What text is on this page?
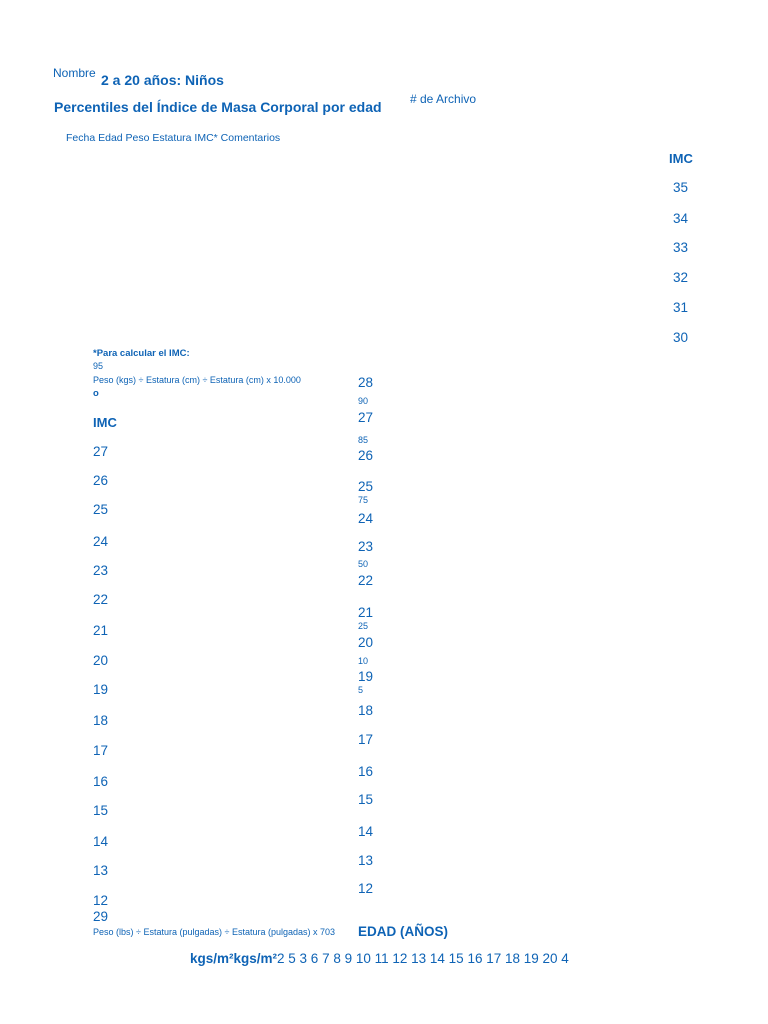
Nombre 2 a 20 años: Niños
Percentiles del Índice de Masa Corporal por edad # de Archivo
Fecha Edad Peso Estatura IMC* Comentarios
IMC
35
34
33
32
31
30
*Para calcular el IMC:
95
Peso (kgs) ÷ Estatura (cm) ÷ Estatura (cm) x 10.000
o
IMC
27
26
25
24
23
22
21
20
19
18
17
16
15
14
13
12
29
28
90
27
85
26
25
75
24
23
50
22
21
25
20
10
19
5
18
17
16
15
14
13
12
Peso (lbs) ÷ Estatura (pulgadas) ÷ Estatura (pulgadas) x 703	EDAD (AÑOS)
kgs/m²kgs/m²2 5 3 6 7 8 9 10 11 12 13 14 15 16 17 18 19 20 4
